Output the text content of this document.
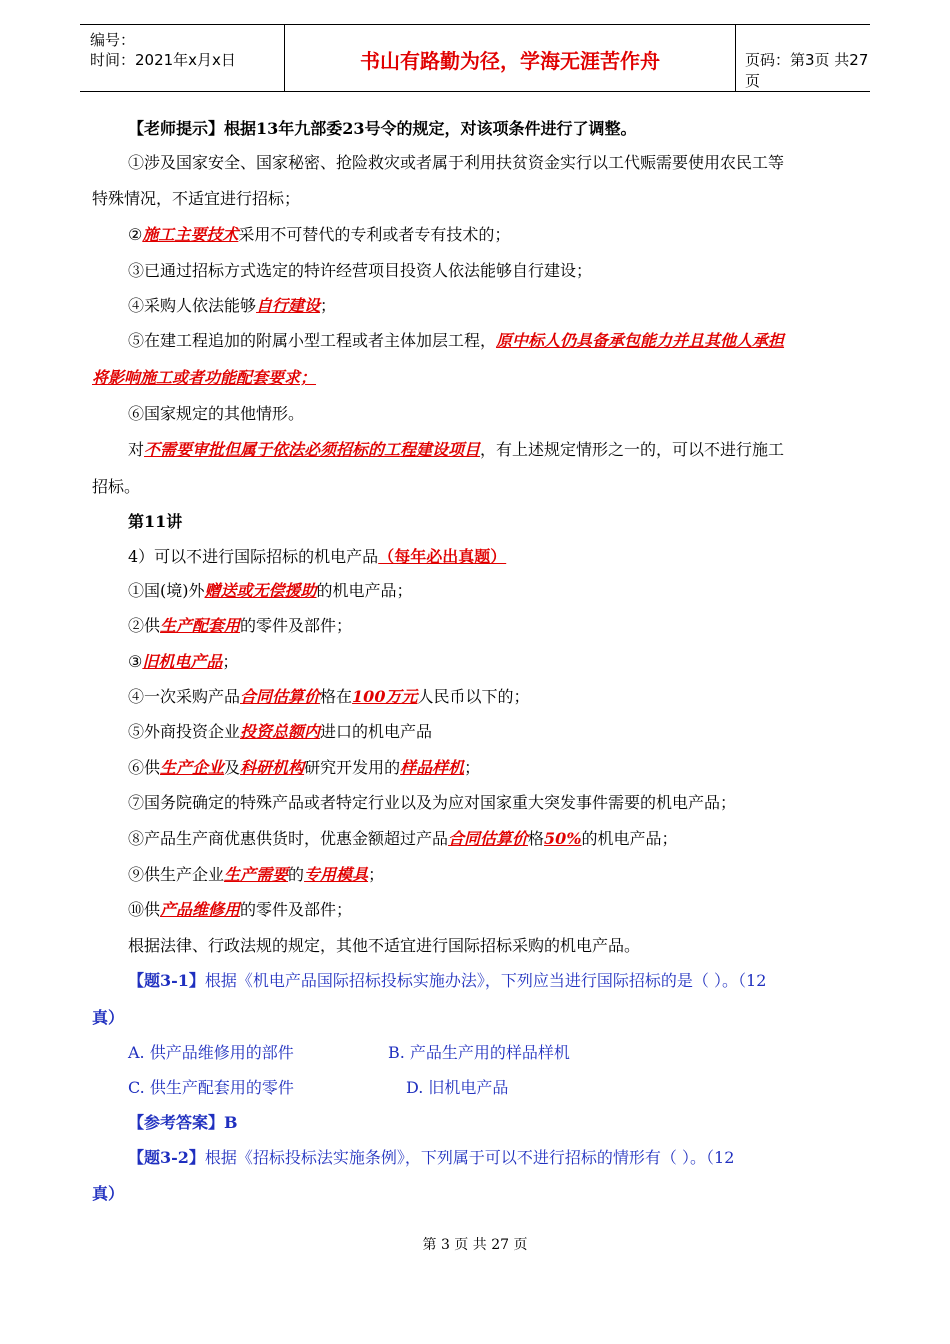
编号：
时间：2021年x月x日	书山有路勤为径，学海无涯苦作舟	页码：第3页 共27页
【老师提示】根据13年九部委23号令的规定，对该项条件进行了调整。
①涉及国家安全、国家秘密、抢险救灾或者属于利用扶贫资金实行以工代赈需要使用农民工等
特殊情况，不适宜进行招标；
②施工主要技术采用不可替代的专利或者专有技术的；
③已通过招标方式选定的特许经营项目投资人依法能够自行建设；
④采购人依法能够自行建设；
⑤在建工程追加的附属小型工程或者主体加层工程，原中标人仍具备承包能力并且其他人承担
将影响施工或者功能配套要求；
⑥国家规定的其他情形。
对不需要审批但属于依法必须招标的工程建设项目，有上述规定情形之一的，可以不进行施工
招标。
第11讲
4）可以不进行国际招标的机电产品（每年必出真题）
①国(境)外赠送或无偿援助的机电产品；
②供生产配套用的零件及部件；
③旧机电产品；
④一次采购产品合同估算价格在100万元人民币以下的；
⑤外商投资企业投资总额内进口的机电产品
⑥供生产企业及科研机构研究开发用的样品样机；
⑦国务院确定的特殊产品或者特定行业以及为应对国家重大突发事件需要的机电产品；
⑧产品生产商优惠供货时，优惠金额超过产品合同估算价格50%的机电产品；
⑨供生产企业生产需要的专用模具；
⑩供产品维修用的零件及部件；
根据法律、行政法规的规定，其他不适宜进行国际招标采购的机电产品。
【题3-1】根据《机电产品国际招标投标实施办法》，下列应当进行国际招标的是（ ）。（12
真）
A. 供产品维修用的部件	B. 产品生产用的样品样机
C. 供生产配套用的零件	D. 旧机电产品
【参考答案】B
【题3-2】根据《招标投标法实施条例》，下列属于可以不进行招标的情形有（ ）。（12
真）
第 3 页 共 27 页
